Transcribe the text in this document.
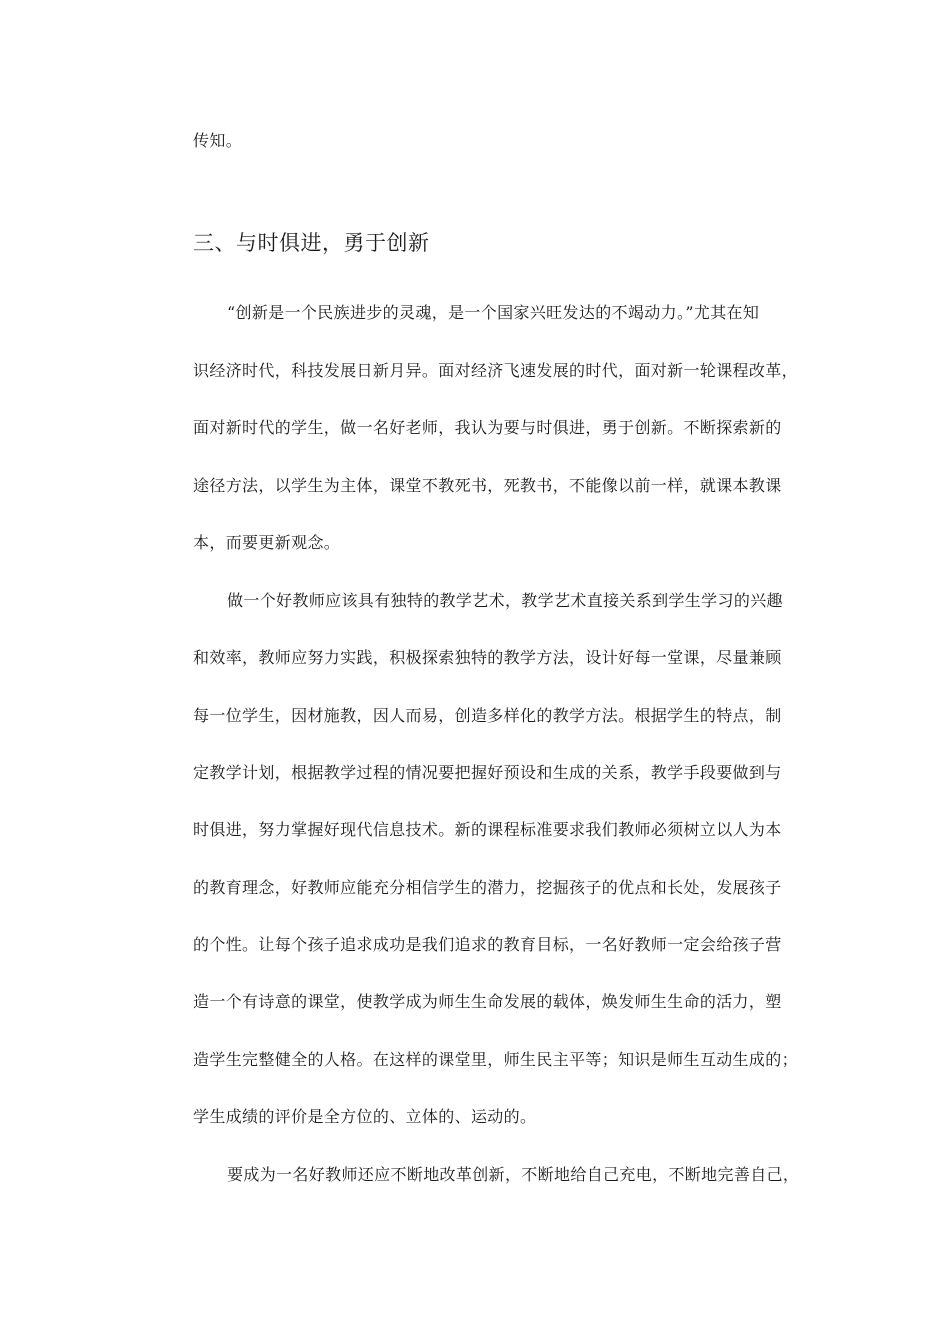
传知。
三、与时俱进，勇于创新
“创新是一个民族进步的灵魂，是一个国家兴旺发达的不竭动力。”尤其在知
识经济时代，科技发展日新月异。面对经济飞速发展的时代，面对新一轮课程改革，
面对新时代的学生，做一名好老师，我认为要与时俱进，勇于创新。不断探索新的
途径方法，以学生为主体，课堂不教死书，死教书，不能像以前一样，就课本教课
本，而要更新观念。
做一个好教师应该具有独特的教学艺术，教学艺术直接关系到学生学习的兴趣
和效率，教师应努力实践，积极探索独特的教学方法，设计好每一堂课，尽量兼顾
每一位学生，因材施教，因人而易，创造多样化的教学方法。根据学生的特点，制
定教学计划，根据教学过程的情况要把握好预设和生成的关系，教学手段要做到与
时俱进，努力掌握好现代信息技术。新的课程标准要求我们教师必须树立以人为本
的教育理念，好教师应能充分相信学生的潜力，挖掘孩子的优点和长处，发展孩子
的个性。让每个孩子追求成功是我们追求的教育目标，一名好教师一定会给孩子营
造一个有诗意的课堂，使教学成为师生生命发展的载体，焕发师生生命的活力，塑
造学生完整健全的人格。在这样的课堂里，师生民主平等；知识是师生互动生成的；
学生成绩的评价是全方位的、立体的、运动的。
要成为一名好教师还应不断地改革创新，不断地给自己充电，不断地完善自己，
